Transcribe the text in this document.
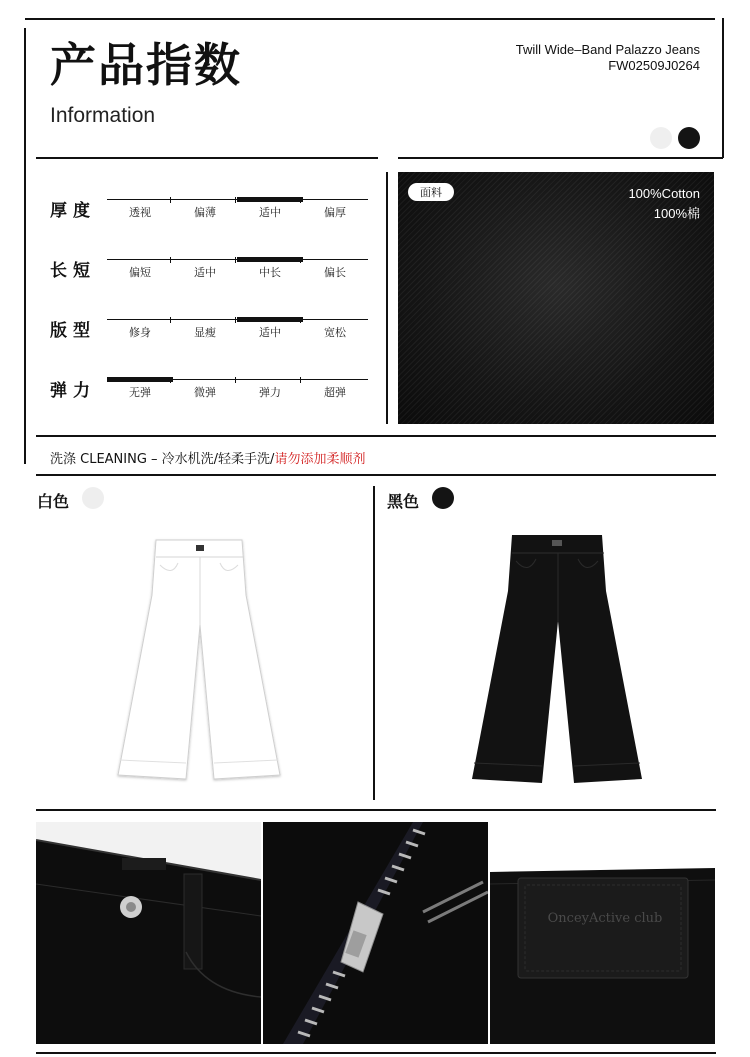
产品指数
Information
Twill Wide–Band Palazzo Jeans
FW02509J0264
厚度	透视	偏薄	适中	偏厚
长短	偏短	适中	中长	偏长
版型	修身	显瘦	适中	宽松
弹力	无弹	微弹	弹力	超弹
面料	100%Cotton
100%棉
洗涤 CLEANING – 冷水机洗/轻柔手洗/请勿添加柔顺剂
白色	黑色
OnceyActive club
